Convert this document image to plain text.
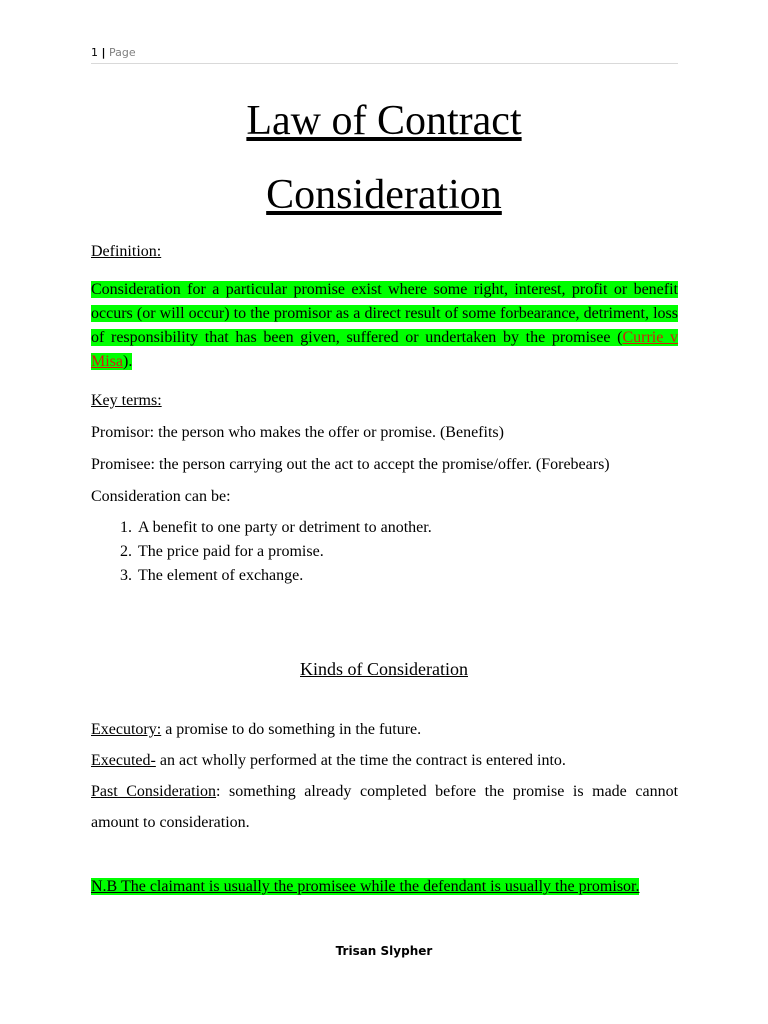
1 | Page
Law of Contract
Consideration

Definition:

Consideration for a particular promise exist where some right, interest, profit or benefit occurs (or will occur) to the promisor as a direct result of some forbearance, detriment, loss of responsibility that has been given, suffered or undertaken by the promisee (Currie v Misa).

Key terms:

Promisor: the person who makes the offer or promise. (Benefits)

Promisee: the person carrying out the act to accept the promise/offer. (Forebears)

Consideration can be:

1. A benefit to one party or detriment to another.
2. The price paid for a promise.
3. The element of exchange.
Kinds of Consideration

Executory: a promise to do something in the future.

Executed- an act wholly performed at the time the contract is entered into.

Past Consideration: something already completed before the promise is made cannot amount to consideration.

N.B The claimant is usually the promisee while the defendant is usually the promisor.
Trisan Slypher
